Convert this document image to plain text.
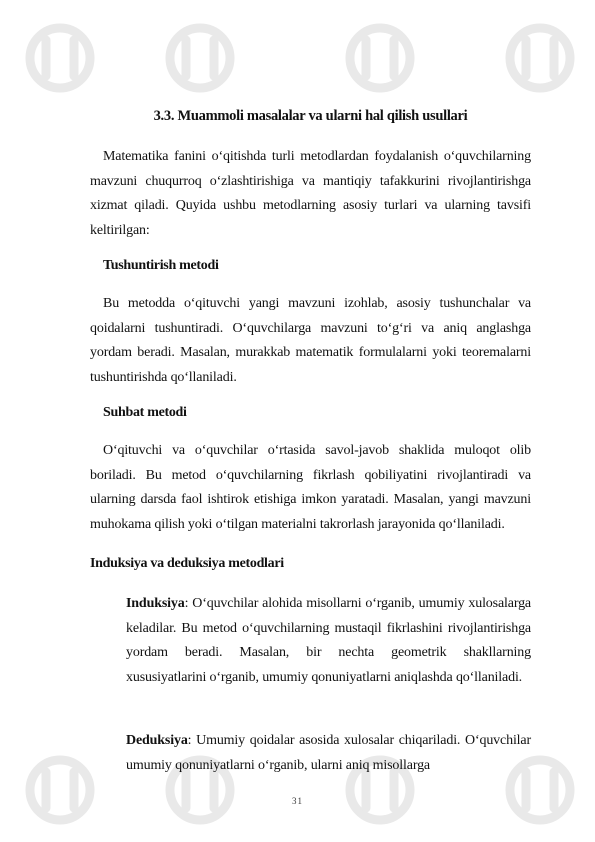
3.3. Muammoli masalalar va ularni hal qilish usullari
Matematika fanini o‘qitishda turli metodlardan foydalanish o‘quvchilarning mavzuni chuqurroq o‘zlashtirishiga va mantiqiy tafakkurini rivojlantirishga xizmat qiladi. Quyida ushbu metodlarning asosiy turlari va ularning tavsifi keltirilgan:
Tushuntirish metodi
Bu metodda o‘qituvchi yangi mavzuni izohlab, asosiy tushunchalar va qoidalarni tushuntiradi. O‘quvchilarga mavzuni to‘g‘ri va aniq anglashga yordam beradi. Masalan, murakkab matematik formulalarni yoki teoremalarni tushuntirishda qo‘llaniladi.
Suhbat metodi
O‘qituvchi va o‘quvchilar o‘rtasida savol-javob shaklida muloqot olib boriladi. Bu metod o‘quvchilarning fikrlash qobiliyatini rivojlantiradi va ularning darsda faol ishtirok etishiga imkon yaratadi. Masalan, yangi mavzuni muhokama qilish yoki o‘tilgan materialni takrorlash jarayonida qo‘llaniladi.
Induksiya va deduksiya metodlari
Induksiya: O‘quvchilar alohida misollarni o‘rganib, umumiy xulosalarga keladilar. Bu metod o‘quvchilarning mustaqil fikrlashini rivojlantirishga yordam beradi. Masalan, bir nechta geometrik shakllarning xususiyatlarini o‘rganib, umumiy qonuniyatlarni aniqlashda qo‘llaniladi.
Deduksiya: Umumiy qoidalar asosida xulosalar chiqariladi. O‘quvchilar umumiy qonuniyatlarni o‘rganib, ularni aniq misollarga
31
